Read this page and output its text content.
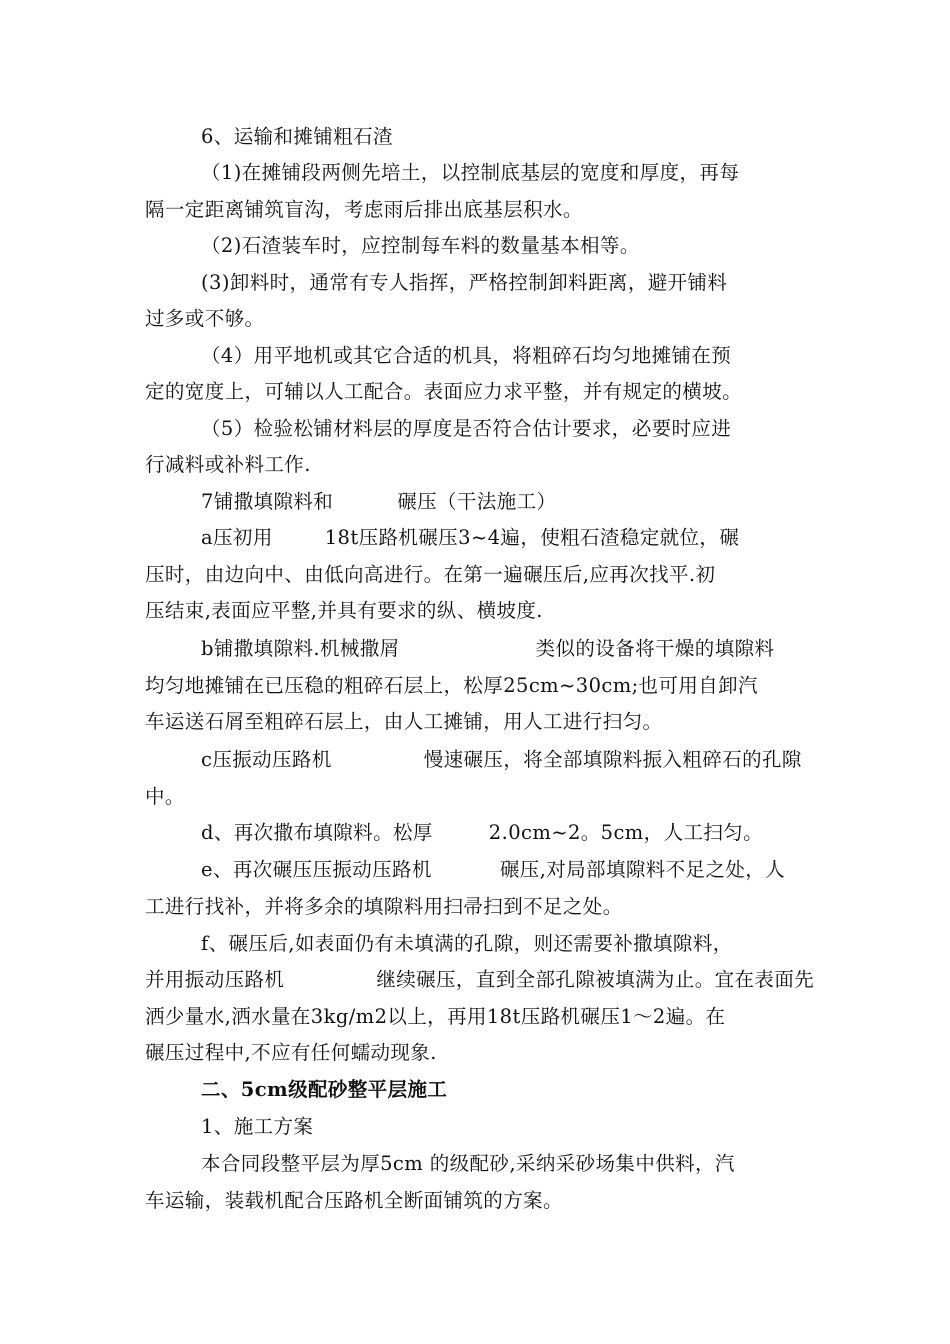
6、运输和摊铺粗石渣
（1)在摊铺段两侧先培土，以控制底基层的宽度和厚度，再每
隔一定距离铺筑盲沟，考虑雨后排出底基层积水。
（2)石渣装车时，应控制每车料的数量基本相等。
(3)卸料时，通常有专人指挥，严格控制卸料距离，避开铺料
过多或不够。
（4）用平地机或其它合适的机具，将粗碎石均匀地摊铺在预
定的宽度上，可辅以人工配合。表面应力求平整，并有规定的横坡。
（5）检验松铺材料层的厚度是否符合估计要求，必要时应进
行减料或补料工作.
7铺撒填隙料和	碾压（干法施工）
a压初用	18t压路机碾压3~4遍，使粗石渣稳定就位，碾
压时，由边向中、由低向高进行。在第一遍碾压后,应再次找平.初
压结束,表面应平整,并具有要求的纵、横坡度.
b铺撒填隙料.机械撒屑	类似的设备将干燥的填隙料
均匀地摊铺在已压稳的粗碎石层上，松厚25cm~30cm;也可用自卸汽
车运送石屑至粗碎石层上，由人工摊铺，用人工进行扫匀。
c压振动压路机	慢速碾压，将全部填隙料振入粗碎石的孔隙
中。
d、再次撒布填隙料。松厚	2.0cm~2。5cm，人工扫匀。
e、再次碾压压振动压路机	碾压,对局部填隙料不足之处，人
工进行找补，并将多余的填隙料用扫帚扫到不足之处。
f、碾压后,如表面仍有未填满的孔隙，则还需要补撒填隙料，
并用振动压路机	继续碾压，直到全部孔隙被填满为止。宜在表面先
洒少量水,洒水量在3kg/m2以上，再用18t压路机碾压1～2遍。在
碾压过程中,不应有任何蠕动现象.
二、5cm级配砂整平层施工
1、施工方案
本合同段整平层为厚5cm 的级配砂,采纳采砂场集中供料，汽
车运输，装载机配合压路机全断面铺筑的方案。
